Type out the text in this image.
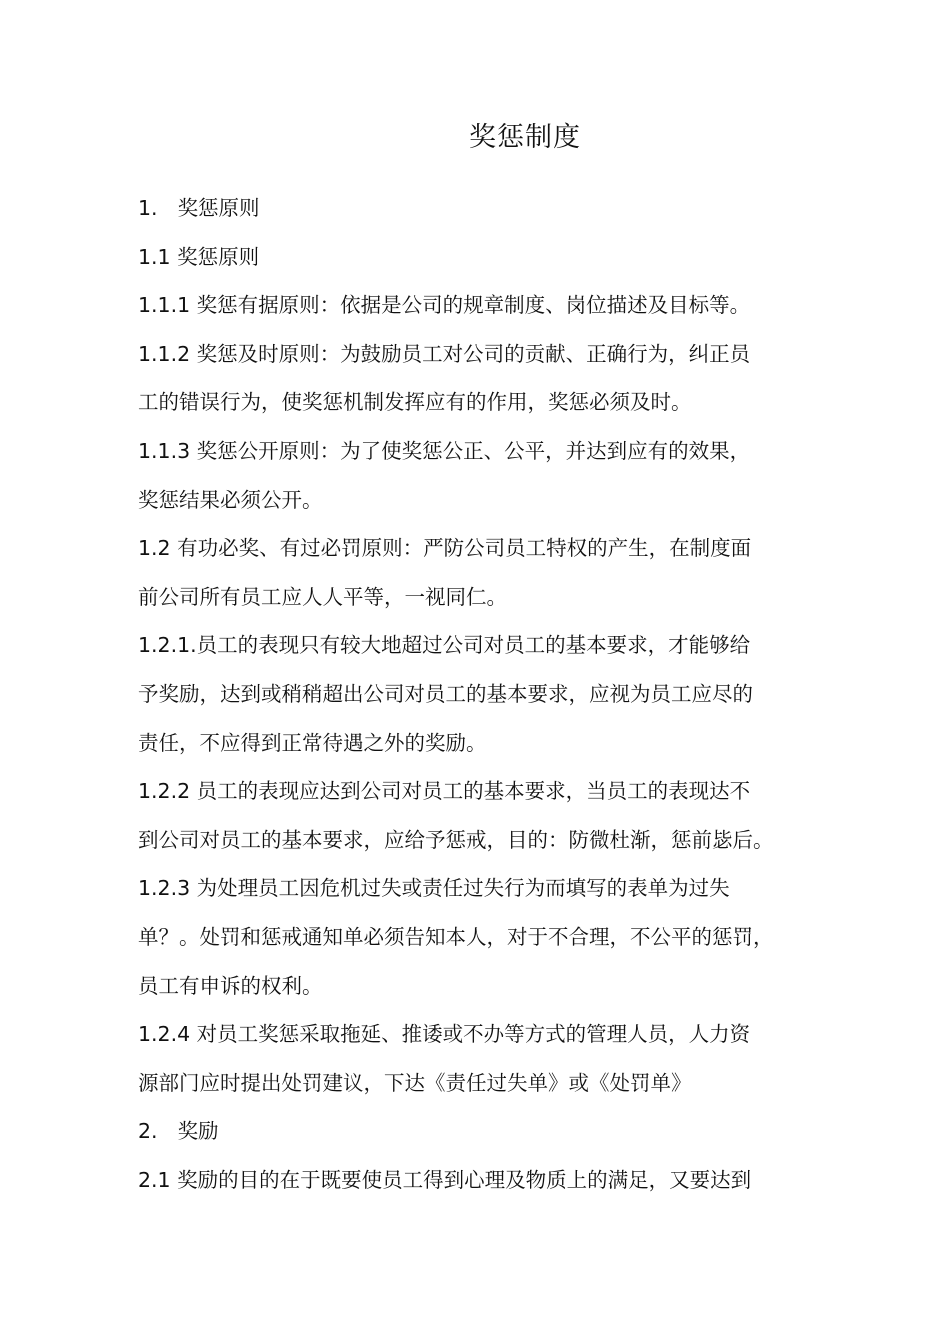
奖惩制度

1. 奖惩原则

1.1 奖惩原则

1.1.1 奖惩有据原则：依据是公司的规章制度、岗位描述及目标等。

1.1.2 奖惩及时原则：为鼓励员工对公司的贡献、正确行为，纠正员

工的错误行为，使奖惩机制发挥应有的作用，奖惩必须及时。

1.1.3 奖惩公开原则：为了使奖惩公正、公平，并达到应有的效果，

奖惩结果必须公开。

1.2 有功必奖、有过必罚原则：严防公司员工特权的产生，在制度面

前公司所有员工应人人平等，一视同仁。

1.2.1.员工的表现只有较大地超过公司对员工的基本要求，才能够给

予奖励，达到或稍稍超出公司对员工的基本要求，应视为员工应尽的

责任，不应得到正常待遇之外的奖励。

1.2.2 员工的表现应达到公司对员工的基本要求，当员工的表现达不

到公司对员工的基本要求，应给予惩戒，目的：防微杜渐，惩前毖后。

1.2.3 为处理员工因危机过失或责任过失行为而填写的表单为过失

单？。处罚和惩戒通知单必须告知本人，对于不合理，不公平的惩罚，

员工有申诉的权利。

1.2.4 对员工奖惩采取拖延、推诿或不办等方式的管理人员，人力资

源部门应时提出处罚建议，下达《责任过失单》或《处罚单》

2. 奖励

2.1 奖励的目的在于既要使员工得到心理及物质上的满足，又要达到
